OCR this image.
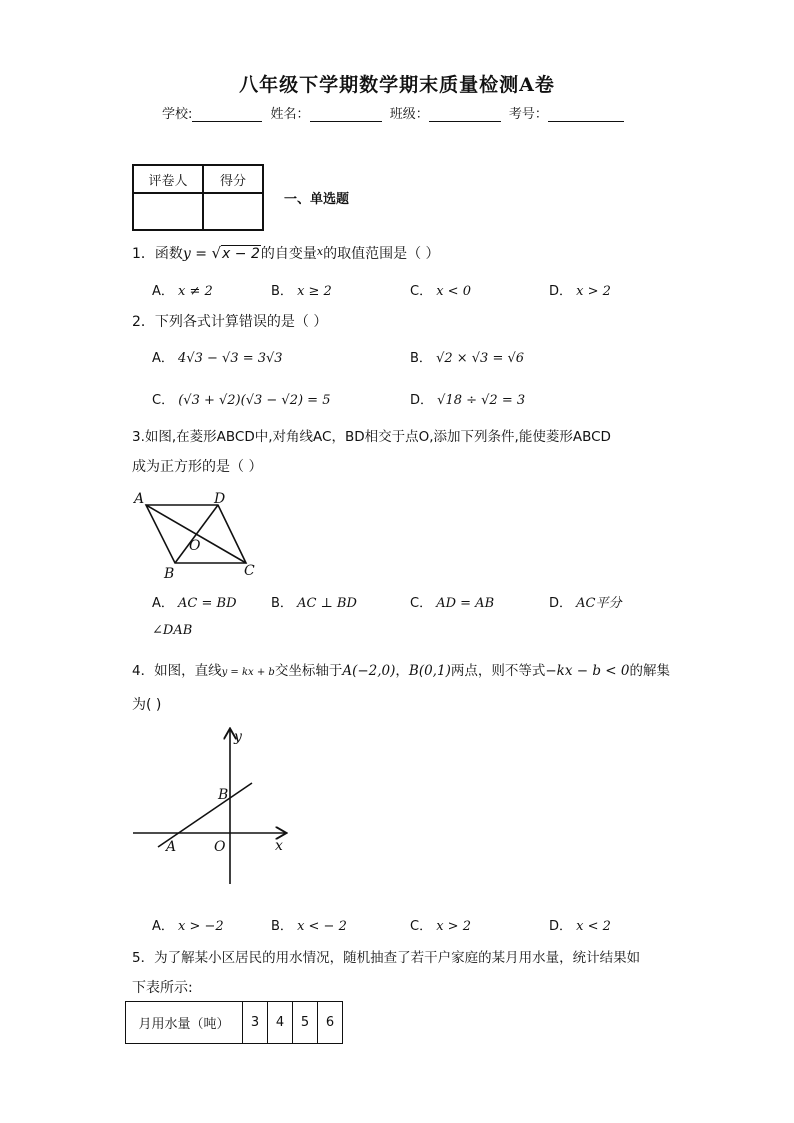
八年级下学期数学期末质量检测A卷
学校:	姓名：	班级：	考号：
评卷人	得分

一、单选题
1．函数y = √x − 2的自变量$^x$的取值范围是（ ）
A． x ≠ 2	B． x ≥ 2	C． x < 0	D． x > 2
2．下列各式计算错误的是（ ）
A． 4√3 − √3 = 3√3	B． √2 × √3 = √6
C． (√3 + √2)(√3 − √2) = 5	D． √18 ÷ √2 = 3
3.如图,在菱形ABCD中,对角线AC，BD相交于点O,添加下列条件,能使菱形ABCD
成为正方形的是（ ）
A	D
O
B	C
A． AC = BD	B． AC ⊥ BD	C． AD = AB	D． AC平分
∠DAB
4．如图，直线y = kx + b交坐标轴于A(−2,0)，B(0,1)两点，则不等式−kx − b < 0的解集
为( )
y
x
B
A	O
A． x > −2	B． x < − 2	C． x > 2	D． x < 2
5．为了解某小区居民的用水情况，随机抽查了若干户家庭的某月用水量，统计结果如
下表所示:
月用水量（吨）	3	4	5	6
